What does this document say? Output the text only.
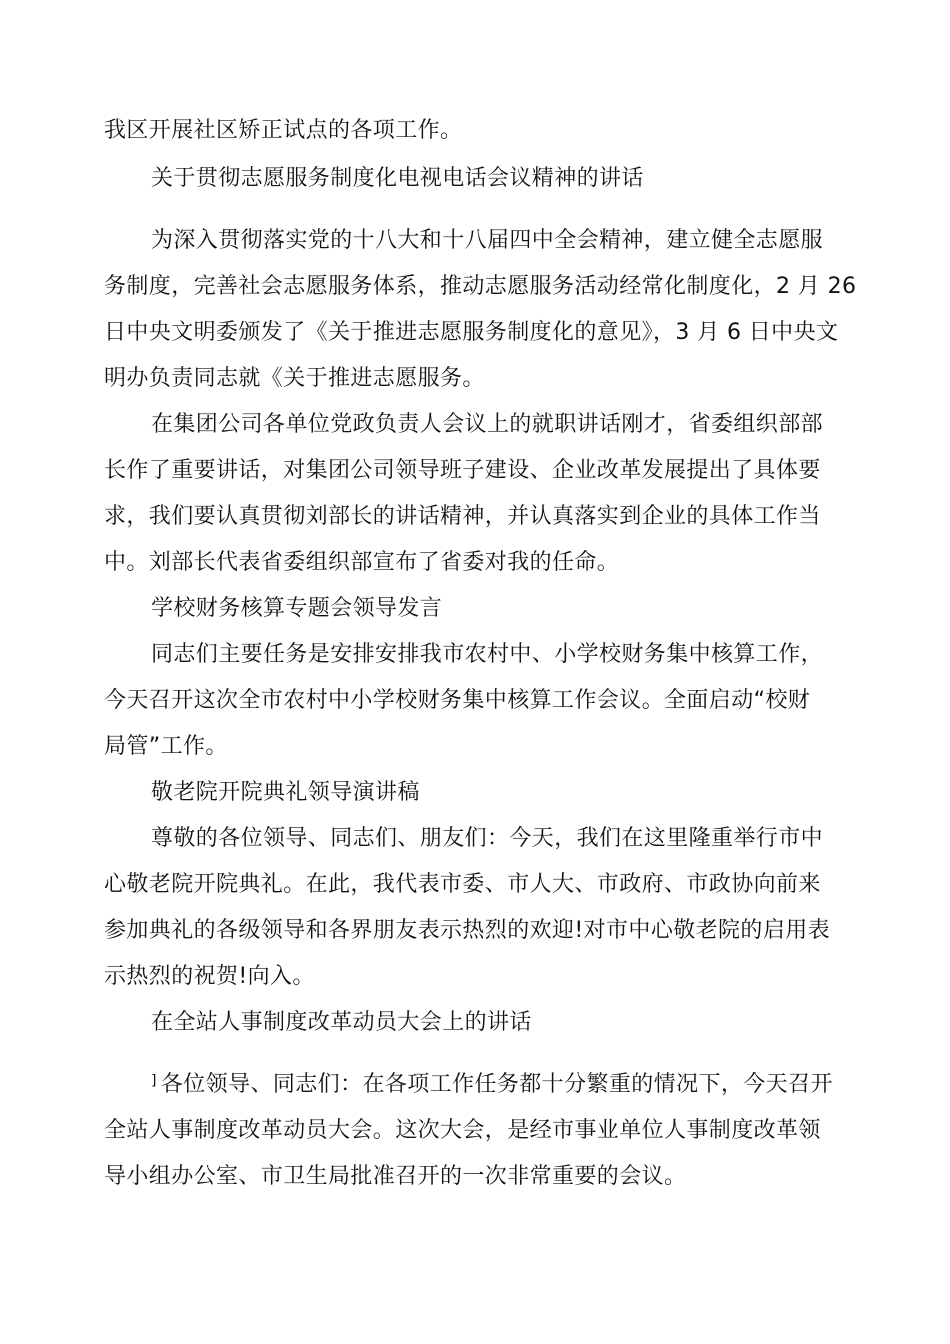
我区开展社区矫正试点的各项工作。
关于贯彻志愿服务制度化电视电话会议精神的讲话
为深入贯彻落实党的十八大和十八届四中全会精神，建立健全志愿服
务制度，完善社会志愿服务体系，推动志愿服务活动经常化制度化，2 月 26
日中央文明委颁发了《关于推进志愿服务制度化的意见》，3 月 6 日中央文
明办负责同志就《关于推进志愿服务。
在集团公司各单位党政负责人会议上的就职讲话刚才，省委组织部部
长作了重要讲话，对集团公司领导班子建设、企业改革发展提出了具体要
求，我们要认真贯彻刘部长的讲话精神，并认真落实到企业的具体工作当
中。刘部长代表省委组织部宣布了省委对我的任命。
学校财务核算专题会领导发言
同志们主要任务是安排安排我市农村中、小学校财务集中核算工作，
今天召开这次全市农村中小学校财务集中核算工作会议。全面启动“校财
局管”工作。
敬老院开院典礼领导演讲稿
尊敬的各位领导、同志们、朋友们：今天，我们在这里隆重举行市中
心敬老院开院典礼。在此，我代表市委、市人大、市政府、市政协向前来
参加典礼的各级领导和各界朋友表示热烈的欢迎!对市中心敬老院的启用表
示热烈的祝贺!向入。
在全站人事制度改革动员大会上的讲话
] 各位领导、同志们：在各项工作任务都十分繁重的情况下，今天召开
全站人事制度改革动员大会。这次大会，是经市事业单位人事制度改革领
导小组办公室、市卫生局批准召开的一次非常重要的会议。
